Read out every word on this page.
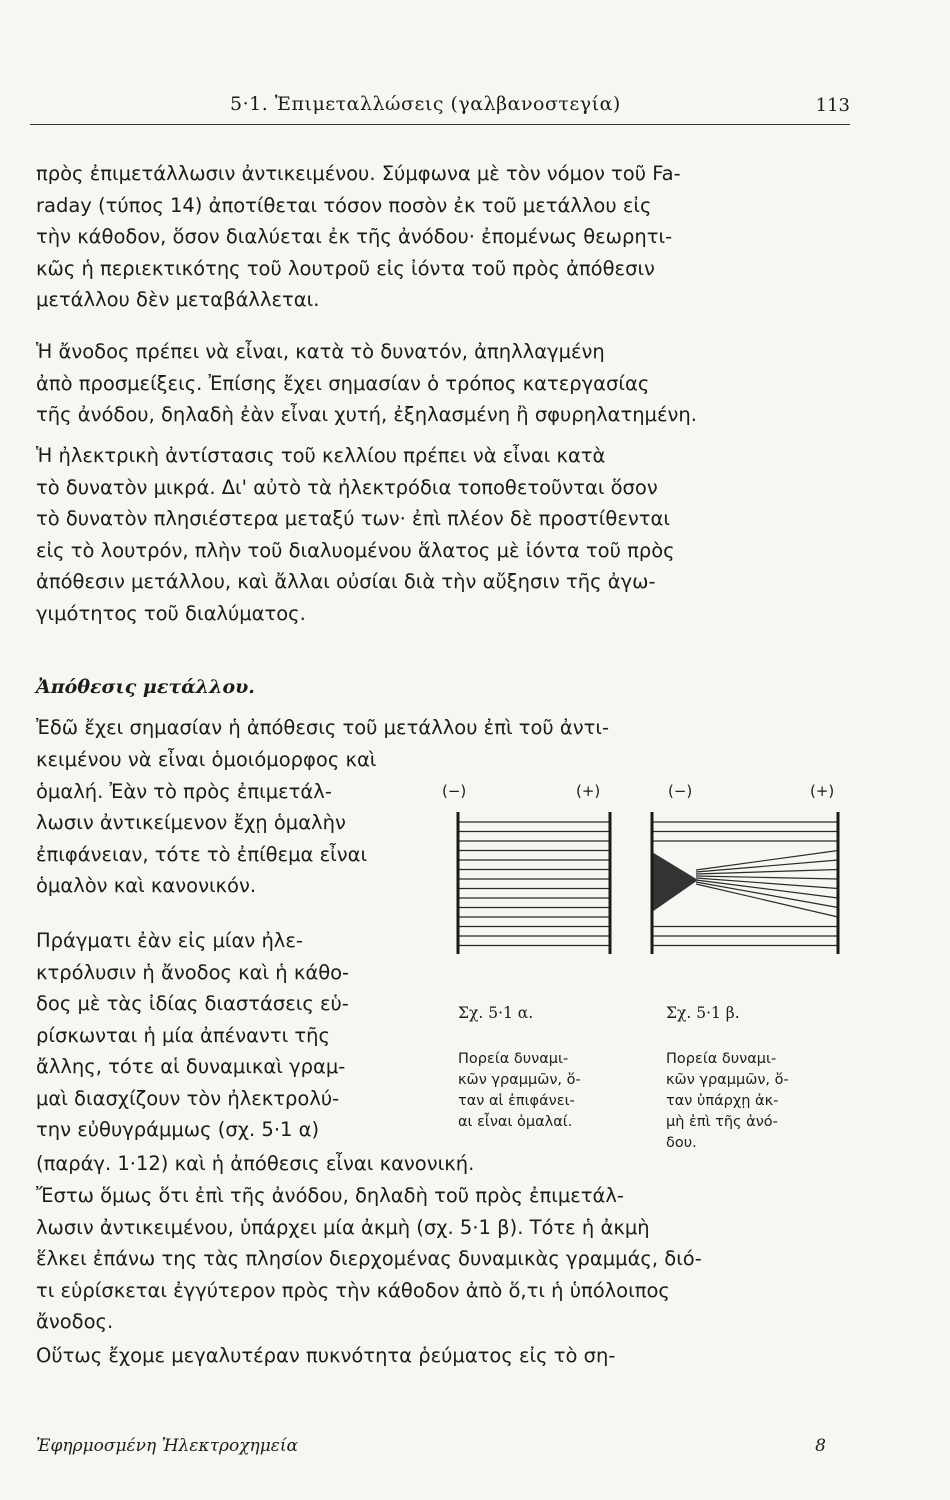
5·1. Ἐπιμεταλλώσεις (γαλβανοστεγία)	113
πρὸς ἐπιμετάλλωσιν ἀντικειμένου. Σύμφωνα μὲ τὸν νόμον τοῦ Fa-
raday (τύπος 14) ἀποτίθεται τόσον ποσὸν ἐκ τοῦ μετάλλου εἰς
τὴν κάθοδον, ὅσον διαλύεται ἐκ τῆς ἀνόδου· ἐπομένως θεωρητι-
κῶς ἡ περιεκτικότης τοῦ λουτροῦ εἰς ἰόντα τοῦ πρὸς ἀπόθεσιν
μετάλλου δὲν μεταβάλλεται.
Ἡ ἄνοδος πρέπει νὰ εἶναι, κατὰ τὸ δυνατόν, ἀπηλλαγμένη
ἀπὸ προσμείξεις. Ἐπίσης ἔχει σημασίαν ὁ τρόπος κατεργασίας
τῆς ἀνόδου, δηλαδὴ ἐὰν εἶναι χυτή, ἐξηλασμένη ἢ σφυρηλατημένη.
Ἡ ἠλεκτρικὴ ἀντίστασις τοῦ κελλίου πρέπει νὰ εἶναι κατὰ
τὸ δυνατὸν μικρά. Δι' αὐτὸ τὰ ἠλεκτρόδια τοποθετοῦνται ὅσον
τὸ δυνατὸν πλησιέστερα μεταξύ των· ἐπὶ πλέον δὲ προστίθενται
εἰς τὸ λουτρόν, πλὴν τοῦ διαλυομένου ἅλατος μὲ ἰόντα τοῦ πρὸς
ἀπόθεσιν μετάλλου, καὶ ἄλλαι οὐσίαι διὰ τὴν αὔξησιν τῆς ἀγω-
γιμότητος τοῦ διαλύματος.
Ἀπόθεσις μετάλλου.
Ἐδῶ ἔχει σημασίαν ἡ ἀπόθεσις τοῦ μετάλλου ἐπὶ τοῦ ἀντι-
κειμένου νὰ εἶναι ὁμοιόμορφος καὶ
ὁμαλή. Ἐὰν τὸ πρὸς ἐπιμετάλ-
λωσιν ἀντικείμενον ἔχῃ ὁμαλὴν
ἐπιφάνειαν, τότε τὸ ἐπίθεμα εἶναι
ὁμαλὸν καὶ κανονικόν.
Πράγματι ἐὰν εἰς μίαν ἠλε-
κτρόλυσιν ἡ ἄνοδος καὶ ἡ κάθο-
δος μὲ τὰς ἰδίας διαστάσεις εὑ-
ρίσκωνται ἡ μία ἀπέναντι τῆς
ἄλλης, τότε αἱ δυναμικαὶ γραμ-
μαὶ διασχίζουν τὸν ἠλεκτρολύ-
την εὐθυγράμμως (σχ. 5·1 α)
(παράγ. 1·12) καὶ ἡ ἀπόθεσις εἶναι κανονική.
(−)	(+)

Σχ. 5·1 α.

Πορεία δυναμι-
κῶν γραμμῶν, ὅ-
ταν αἱ ἐπιφάνει-
αι εἶναι ὁμαλαί.

(−)	(+)

Σχ. 5·1 β.

Πορεία δυναμι-
κῶν γραμμῶν, ὅ-
ταν ὑπάρχῃ ἀκ-
μὴ ἐπὶ τῆς ἀνό-
δου.

Ἔστω ὅμως ὅτι ἐπὶ τῆς ἀνόδου, δηλαδὴ τοῦ πρὸς ἐπιμετάλ-
λωσιν ἀντικειμένου, ὑπάρχει μία ἀκμὴ (σχ. 5·1 β). Τότε ἡ ἀκμὴ
ἕλκει ἐπάνω της τὰς πλησίον διερχομένας δυναμικὰς γραμμάς, διό-
τι εὑρίσκεται ἐγγύτερον πρὸς τὴν κάθοδον ἀπὸ ὅ,τι ἡ ὑπόλοιπος
ἄνοδος.
Οὕτως ἔχομε μεγαλυτέραν πυκνότητα ῥεύματος εἰς τὸ ση-
Ἐφηρμοσμένη Ἠλεκτροχημεία	8
